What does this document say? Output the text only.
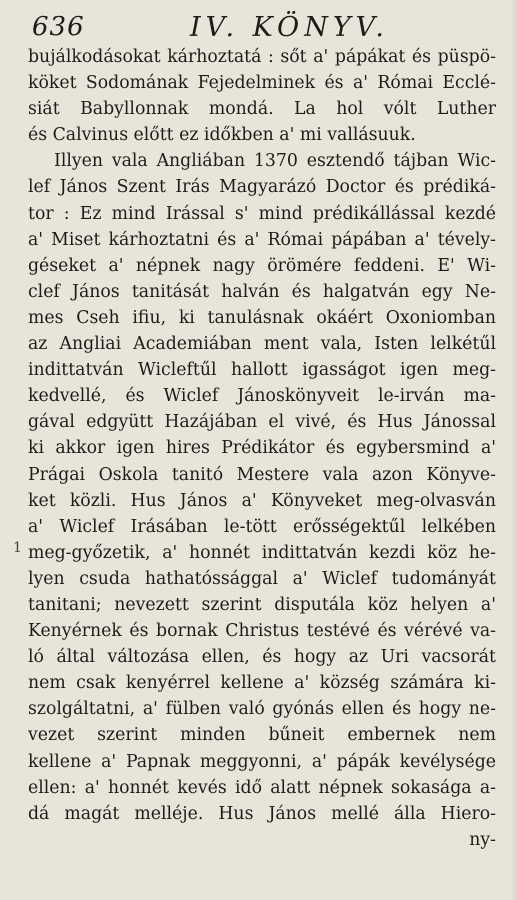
636	IV. KÖNYV.
1
bujálkodásokat kárhoztatá : sőt a' pápákat és püspö-
köket Sodomának Fejedelminek és a' Római Ecclé-
siát Babyllonnak mondá. La hol vólt Luther
és Calvinus előtt ez időkben a' mi vallásuuk.
Illyen vala Angliában 1370 esztendő tájban Wic-
lef János Szent Irás Magyarázó Doctor és prédiká-
tor : Ez mind Irással s' mind prédikállással kezdé
a' Miset kárhoztatni és a' Római pápában a' tévely-
géseket a' népnek nagy örömére feddeni. E' Wi-
clef János tanitását halván és halgatván egy Ne-
mes Cseh ifiu, ki tanulásnak okáért Oxoniomban
az Angliai Academiában ment vala, Isten lelkétűl
indittatván Wicleftűl hallott igasságot igen meg-
kedvellé, és Wiclef Jánoskönyveit le-irván ma-
gával edgyütt Hazájában el vivé, és Hus Jánossal
ki akkor igen hires Prédikátor és egybersmind a'
Prágai Oskola tanitó Mestere vala azon Könyve-
ket közli. Hus János a' Könyveket meg-olvasván
a' Wiclef Irásában le-tött erősségektűl lelkében
meg-győzetik, a' honnét indittatván kezdi köz he-
lyen csuda hathatóssággal a' Wiclef tudományát
tanitani; nevezett szerint disputála köz helyen a'
Kenyérnek és bornak Christus testévé és vérévé va-
ló által változása ellen, és hogy az Uri vacsorát
nem csak kenyérrel kellene a' község számára ki-
szolgáltatni, a' fülben való gyónás ellen és hogy ne-
vezet szerint minden bűneit embernek nem
kellene a' Papnak meggyonni, a' pápák kevélysége
ellen: a' honnét kevés idő alatt népnek sokasága a-
dá magát melléje. Hus János mellé álla Hiero-
ny-
